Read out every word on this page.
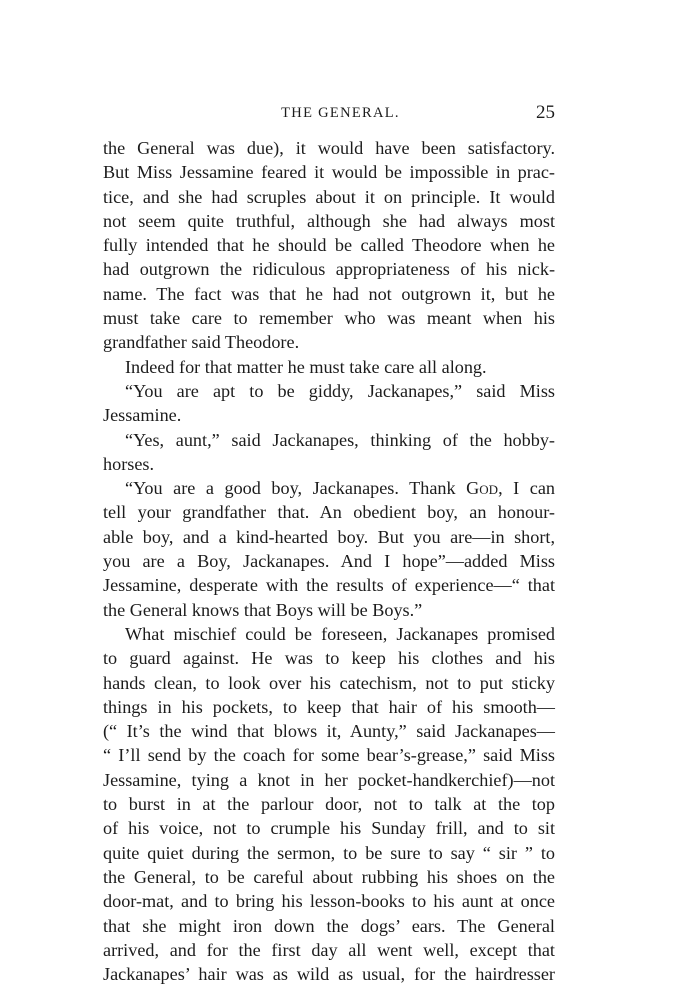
THE GENERAL.	25
the General was due), it would have been satisfactory.
But Miss Jessamine feared it would be impossible in prac-
tice, and she had scruples about it on principle. It would
not seem quite truthful, although she had always most
fully intended that he should be called Theodore when he
had outgrown the ridiculous appropriateness of his nick-
name. The fact was that he had not outgrown it, but he
must take care to remember who was meant when his
grandfather said Theodore.
Indeed for that matter he must take care all along.
“You are apt to be giddy, Jackanapes,” said Miss
Jessamine.
“Yes, aunt,” said Jackanapes, thinking of the hobby-
horses.
“You are a good boy, Jackanapes. Thank God, I can
tell your grandfather that. An obedient boy, an honour-
able boy, and a kind-hearted boy. But you are—in short,
you are a Boy, Jackanapes. And I hope”—added Miss
Jessamine, desperate with the results of experience—“ that
the General knows that Boys will be Boys.”
What mischief could be foreseen, Jackanapes promised
to guard against. He was to keep his clothes and his
hands clean, to look over his catechism, not to put sticky
things in his pockets, to keep that hair of his smooth—
(“ It’s the wind that blows it, Aunty,” said Jackanapes—
“ I’ll send by the coach for some bear’s-grease,” said Miss
Jessamine, tying a knot in her pocket-handkerchief)—not
to burst in at the parlour door, not to talk at the top
of his voice, not to crumple his Sunday frill, and to sit
quite quiet during the sermon, to be sure to say “ sir ” to
the General, to be careful about rubbing his shoes on the
door-mat, and to bring his lesson-books to his aunt at once
that she might iron down the dogs’ ears. The General
arrived, and for the first day all went well, except that
Jackanapes’ hair was as wild as usual, for the hairdresser
